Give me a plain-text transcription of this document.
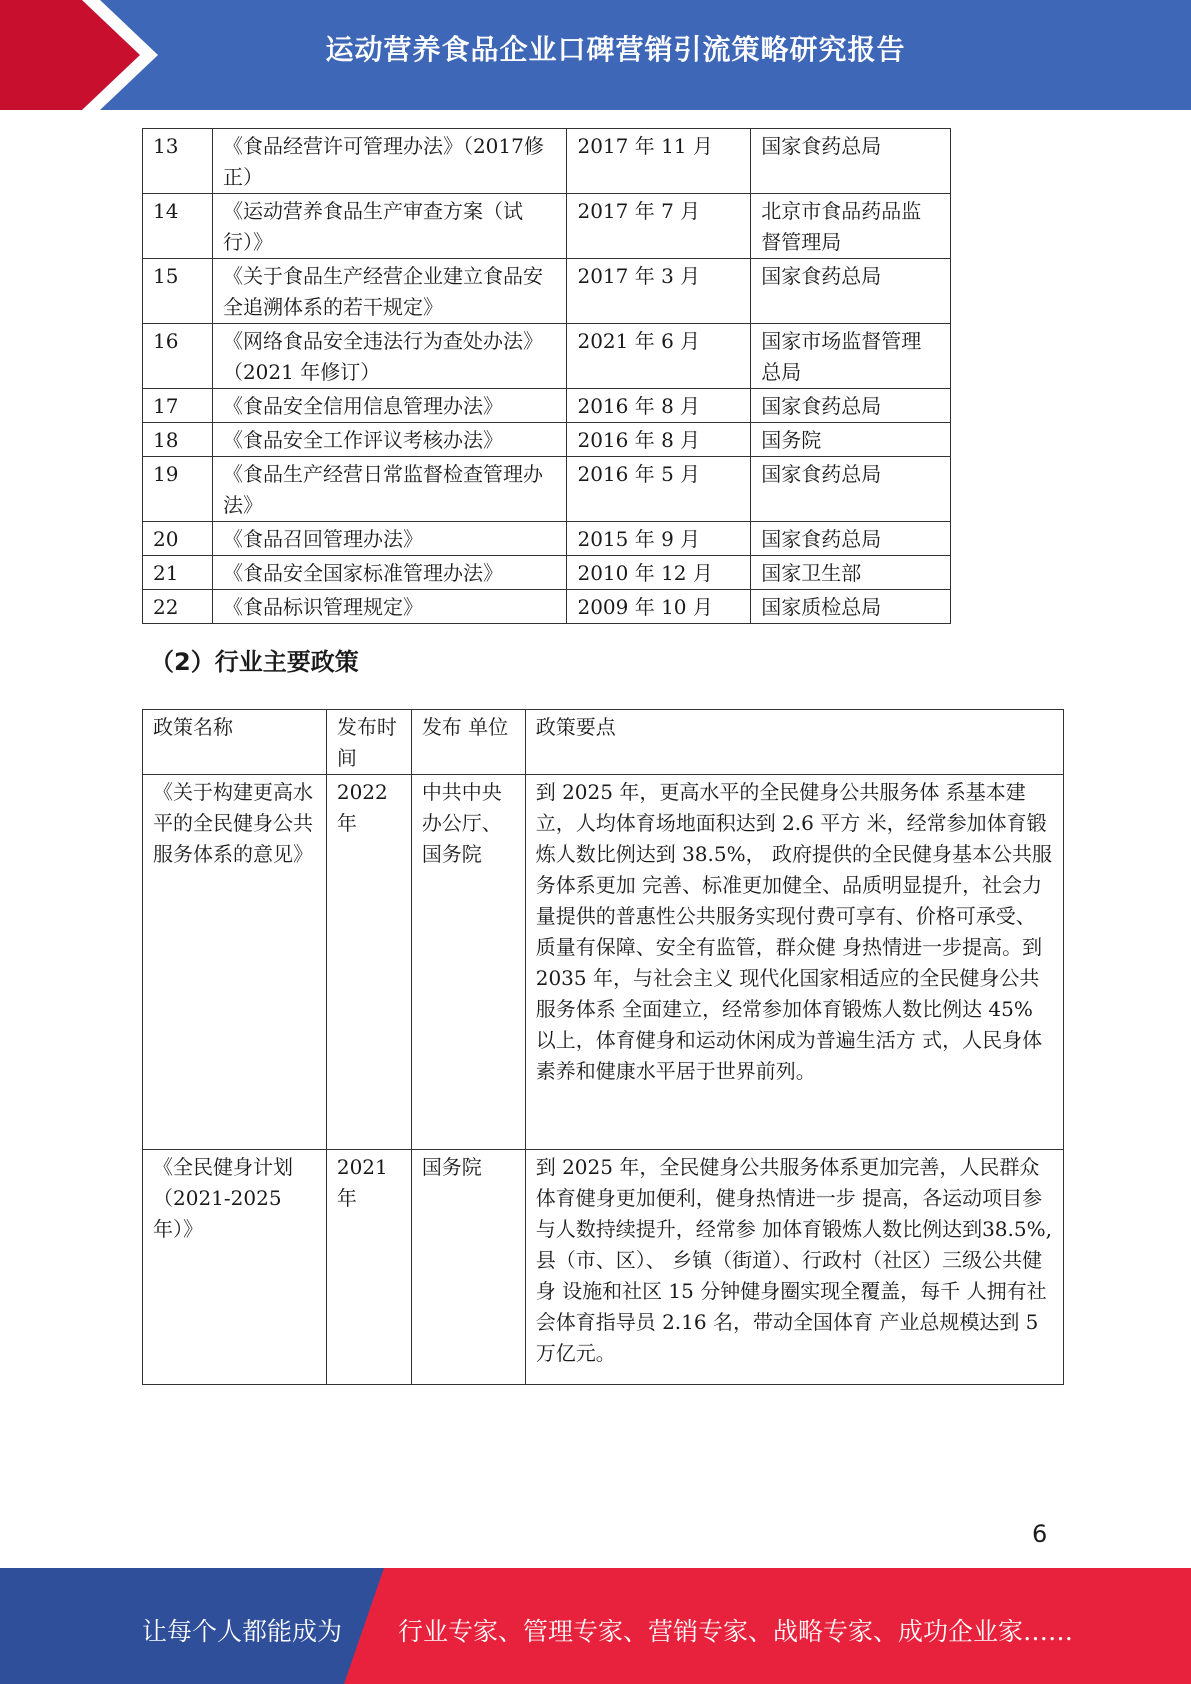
运动营养食品企业口碑营销引流策略研究报告
13	《食品经营许可管理办法》（2017修正）	2017 年 11 月	国家食药总局
14	《运动营养食品生产审查方案（试行）》	2017 年 7 月	北京市食品药品监督管理局
15	《关于食品生产经营企业建立食品安全追溯体系的若干规定》	2017 年 3 月	国家食药总局
16	《网络食品安全违法行为查处办法》 （2021 年修订）	2021 年 6 月	国家市场监督管理总局
17	《食品安全信用信息管理办法》	2016 年 8 月	国家食药总局
18	《食品安全工作评议考核办法》	2016 年 8 月	国务院
19	《食品生产经营日常监督检查管理办法》	2016 年 5 月	国家食药总局
20	《食品召回管理办法》	2015 年 9 月	国家食药总局
21	《食品安全国家标准管理办法》	2010 年 12 月	国家卫生部
22	《食品标识管理规定》	2009 年 10 月	国家质检总局
（2）行业主要政策
政策名称	发布时间	发布 单位	政策要点
《关于构建更高水平的全民健身公共服务体系的意见》	2022 年	中共中央办公厅、国务院	到 2025 年，更高水平的全民健身公共服务体 系基本建立，人均体育场地面积达到 2.6 平方 米，经常参加体育锻炼人数比例达到 38.5%， 政府提供的全民健身基本公共服务体系更加 完善、标准更加健全、品质明显提升，社会力 量提供的普惠性公共服务实现付费可享有、价格可承受、质量有保障、安全有监管，群众健 身热情进一步提高。到 2035 年，与社会主义 现代化国家相适应的全民健身公共服务体系 全面建立，经常参加体育锻炼人数比例达 45% 以上，体育健身和运动休闲成为普遍生活方 式，人民身体素养和健康水平居于世界前列。
《全民健身计划（2021-2025年）》	2021 年	国务院	到 2025 年，全民健身公共服务体系更加完善，人民群众体育健身更加便利，健身热情进一步 提高，各运动项目参与人数持续提升，经常参 加体育锻炼人数比例达到38.5%,县（市、区）、 乡镇（街道）、行政村（社区）三级公共健身 设施和社区 15 分钟健身圈实现全覆盖，每千 人拥有社会体育指导员 2.16 名，带动全国体育 产业总规模达到 5 万亿元。
6
让每个人都能成为 行业专家、管理专家、营销专家、战略专家、成功企业家……
